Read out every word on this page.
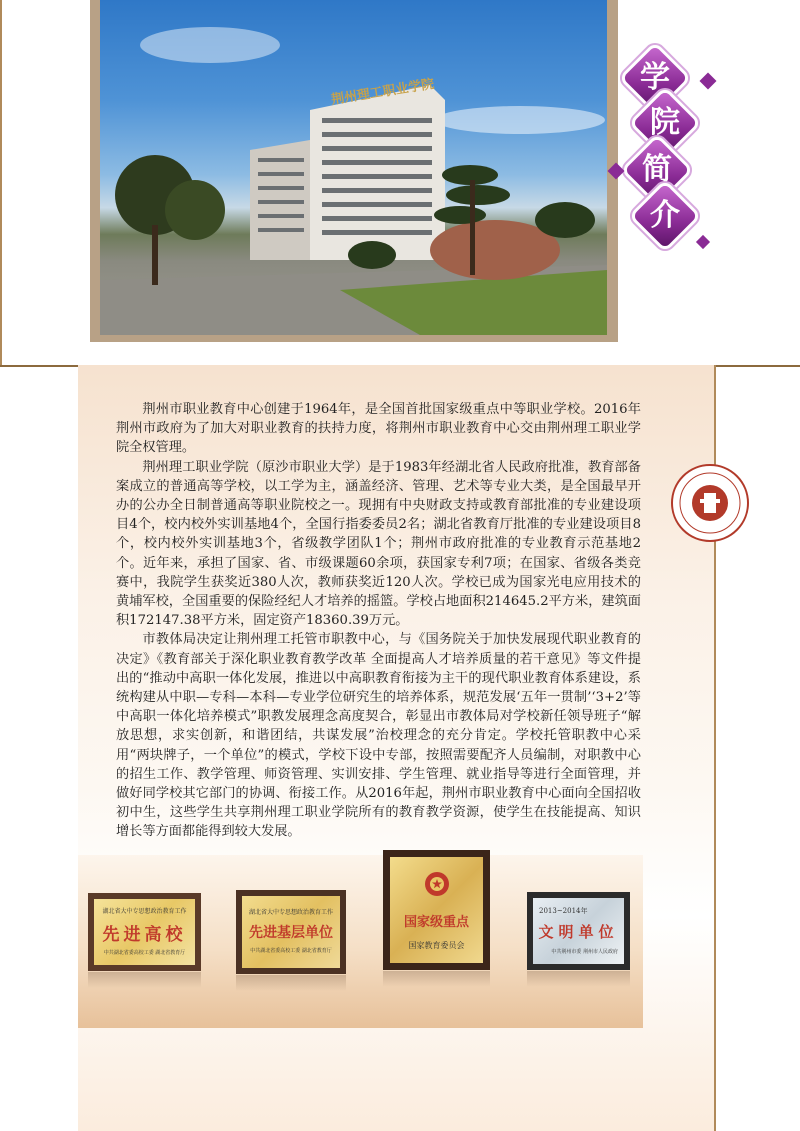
荆州理工职业学院	学
院
简
介

荆州市职业教育中心创建于1964年，是全国首批国家级重点中等职业学校。2016年荆州市政府为了加大对职业教育的扶持力度，将荆州市职业教育中心交由荆州理工职业学院全权管理。

荆州理工职业学院（原沙市职业大学）是于1983年经湖北省人民政府批准，教育部备案成立的普通高等学校，以工学为主，涵盖经济、管理、艺术等专业大类，是全国最早开办的公办全日制普通高等职业院校之一。现拥有中央财政支持或教育部批准的专业建设项目4个，校内校外实训基地4个，全国行指委委员2名；湖北省教育厅批准的专业建设项目8个，校内校外实训基地3个，省级教学团队1个；荆州市政府批准的专业教育示范基地2个。近年来，承担了国家、省、市级课题60余项，获国家专利7项；在国家、省级各类竞赛中，我院学生获奖近380人次，教师获奖近120人次。学校已成为国家光电应用技术的黄埔军校，全国重要的保险经纪人才培养的摇篮。学校占地面积214645.2平方米，建筑面积172147.38平方米，固定资产18360.39万元。

市教体局决定让荆州理工托管市职教中心，与《国务院关于加快发展现代职业教育的决定》《教育部关于深化职业教育教学改革 全面提高人才培养质量的若干意见》等文件提出的“推动中高职一体化发展，推进以中高职教育衔接为主干的现代职业教育体系建设，系统构建从中职—专科—本科—专业学位研究生的培养体系，规范发展‘五年一贯制’‘3+2’等中高职一体化培养模式”职教发展理念高度契合，彰显出市教体局对学校新任领导班子“解放思想，求实创新，和谐团结，共谋发展”治校理念的充分肯定。学校托管职教中心采用“两块牌子，一个单位”的模式，学校下设中专部，按照需要配齐人员编制，对职教中心的招生工作、教学管理、师资管理、实训安排、学生管理、就业指导等进行全面管理，并做好同学校其它部门的协调、衔接工作。从2016年起，荆州市职业教育中心面向全国招收初中生，这些学生共享荆州理工职业学院所有的教育教学资源，使学生在技能提高、知识增长等方面都能得到较大发展。

湖北省大中专思想政治教育工作
先进高校
中共湖北省委高校工委 湖北省教育厅
湖北省大中专思想政治教育工作
先进基层单位
中共湖北省委高校工委 湖北省教育厅
国家级重点
国家教育委员会
2013~2014年
文明单位
中共荆州市委 荆州市人民政府
